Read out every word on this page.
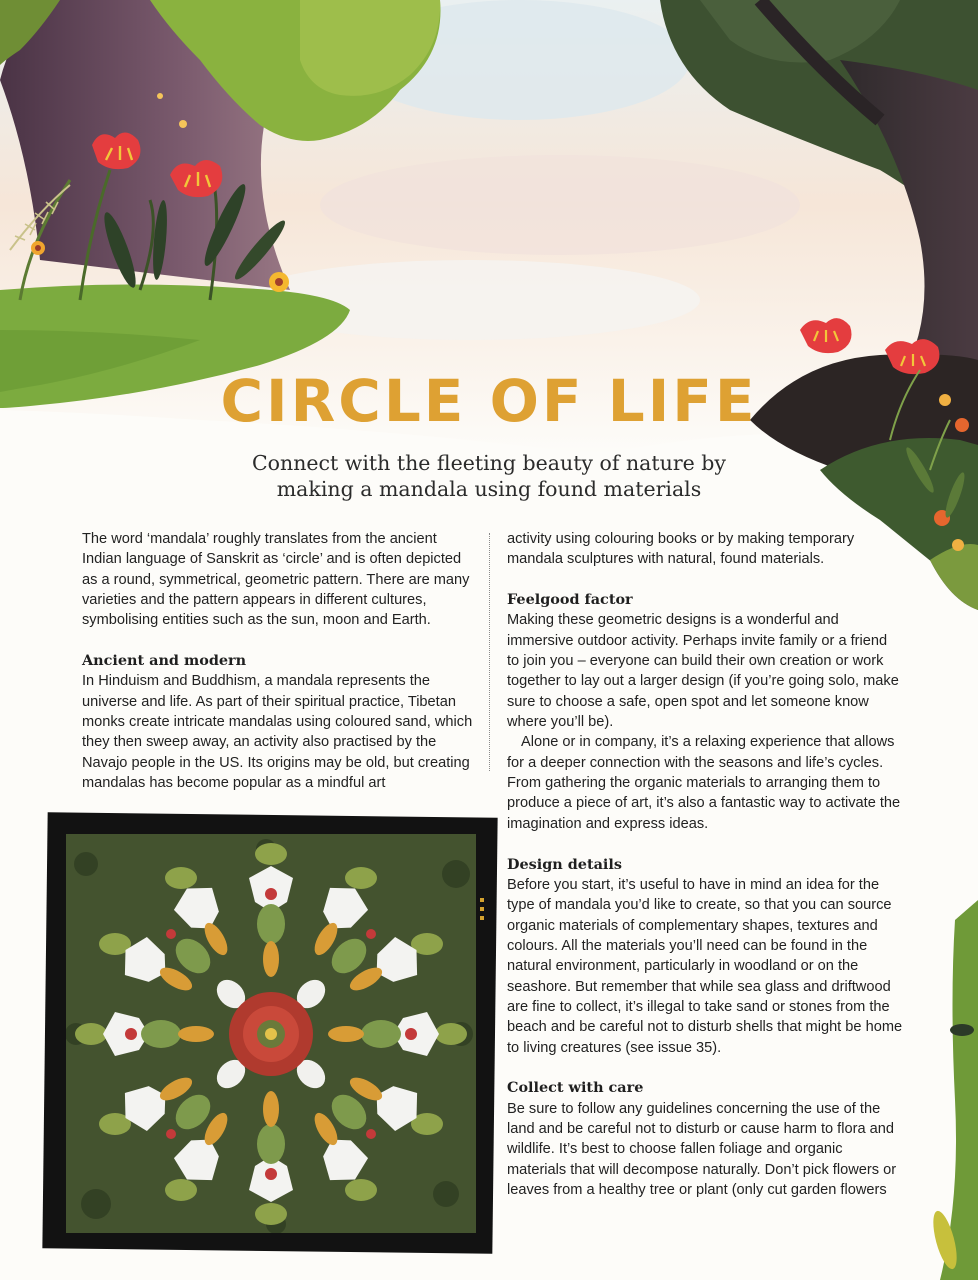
CIRCLE OF LIFE
Connect with the fleeting beauty of nature by
making a mandala using found materials

The word ‘mandala’ roughly translates from the ancient Indian language of Sanskrit as ‘circle’ and is often depicted as a round, symmetrical, geometric pattern. There are many varieties and the pattern appears in different cultures, symbolising entities such as the sun, moon and Earth.

Ancient and modern

In Hinduism and Buddhism, a mandala represents the universe and life. As part of their spiritual practice, Tibetan monks create intricate mandalas using coloured sand, which they then sweep away, an activity also practised by the Navajo people in the US. Its origins may be old, but creating mandalas has become popular as a mindful art

activity using colouring books or by making temporary mandala sculptures with natural, found materials.

Feelgood factor

Making these geometric designs is a wonderful and immersive outdoor activity. Perhaps invite family or a friend to join you – everyone can build their own creation or work together to lay out a larger design (if you’re going solo, make sure to choose a safe, open spot and let someone know where you’ll be).

Alone or in company, it’s a relaxing experience that allows for a deeper connection with the seasons and life’s cycles. From gathering the organic materials to arranging them to produce a piece of art, it’s also a fantastic way to activate the imagination and express ideas.

Design details

Before you start, it’s useful to have in mind an idea for the type of mandala you’d like to create, so that you can source organic materials of complementary shapes, textures and colours. All the materials you’ll need can be found in the natural environment, particularly in woodland or on the seashore. But remember that while sea glass and driftwood are fine to collect, it’s illegal to take sand or stones from the beach and be careful not to disturb shells that might be home to living creatures (see issue 35).

Collect with care

Be sure to follow any guidelines concerning the use of the land and be careful not to disturb or cause harm to flora and wildlife. It’s best to choose fallen foliage and organic materials that will decompose naturally. Don’t pick flowers or leaves from a healthy tree or plant (only cut garden flowers
